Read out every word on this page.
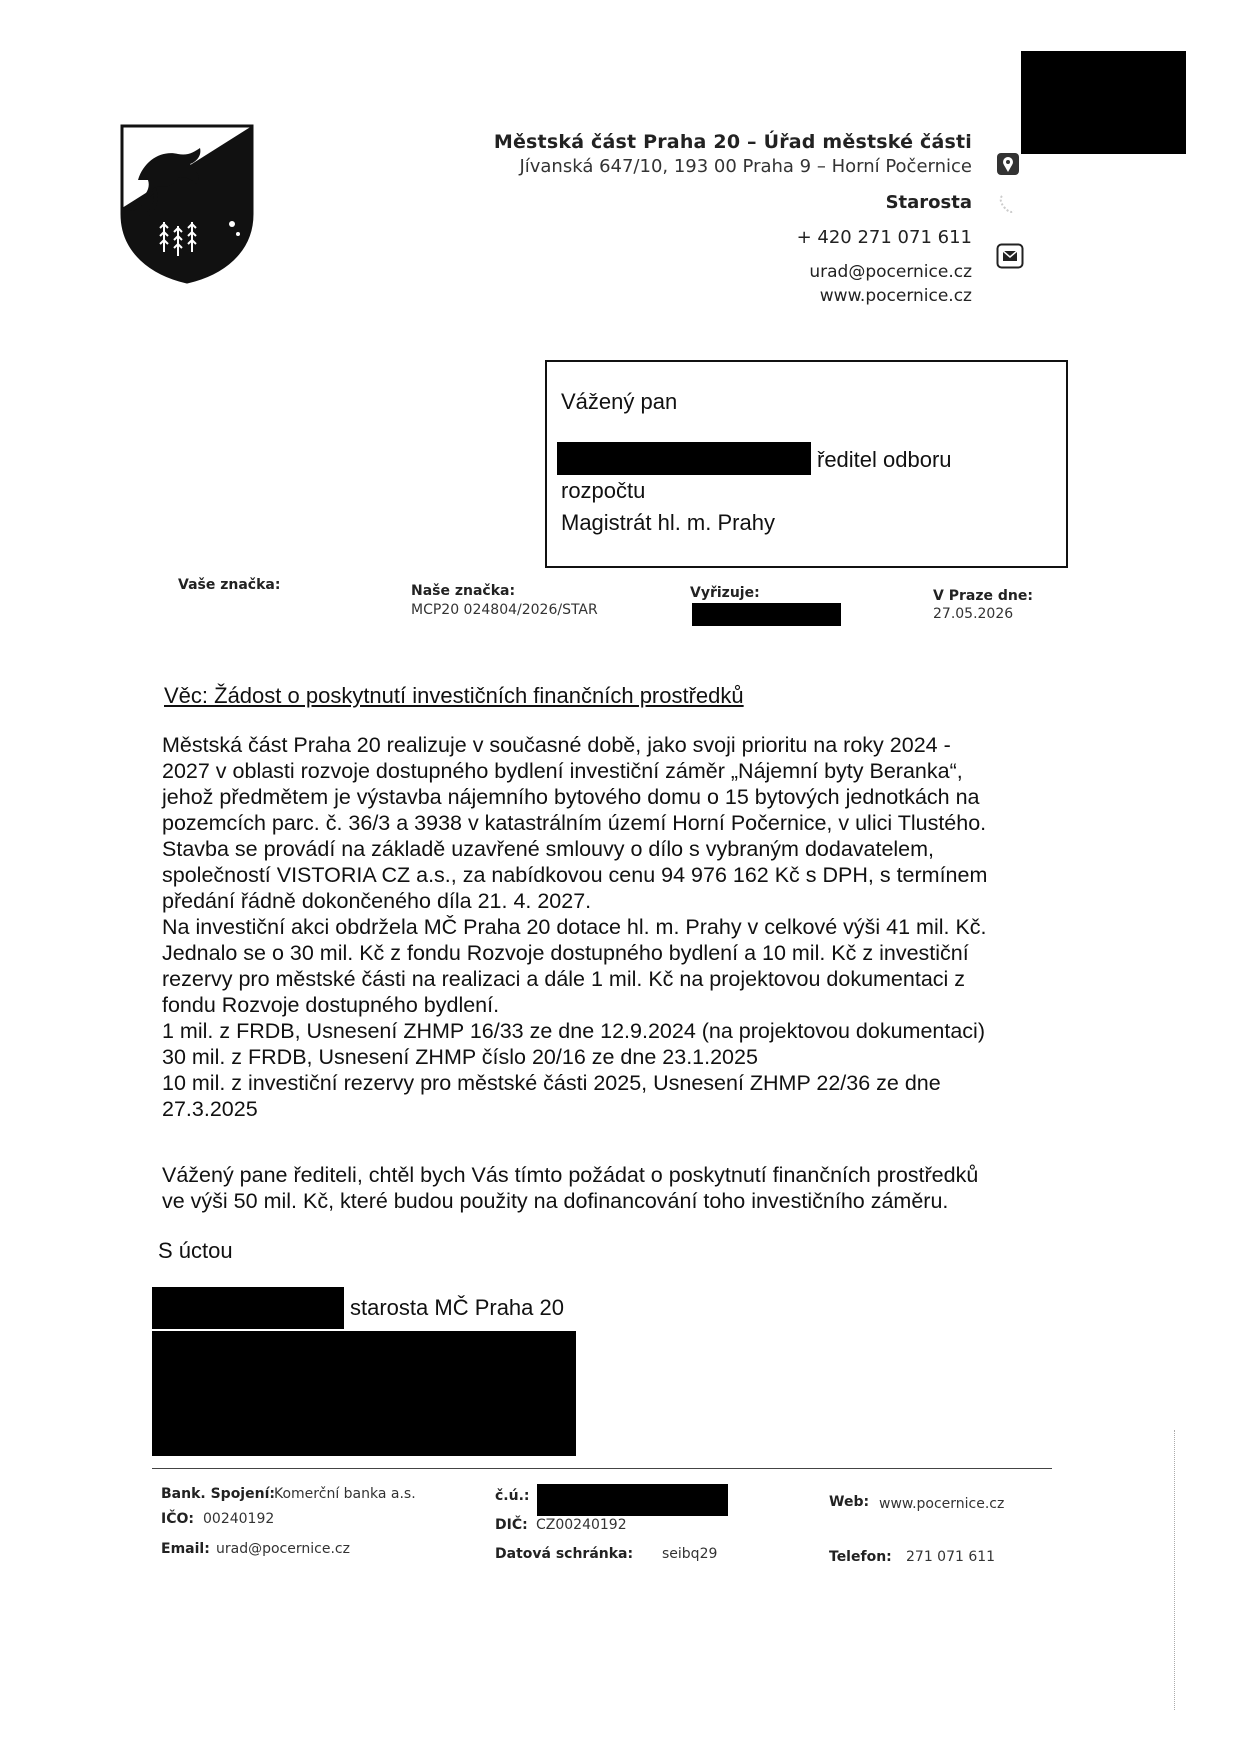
Městská část Praha 20 – Úřad městské části
Jívanská 647/10, 193 00 Praha 9 – Horní Počernice
Starosta
+ 420 271 071 611
urad@pocernice.cz
www.pocernice.cz
Vážený pan
ředitel odboru
rozpočtu
Magistrát hl. m. Prahy
Vaše značka:	Naše značka:
MCP20 024804/2026/STAR
Vyřizuje:	V Praze dne:
27.05.2026
Věc: Žádost o poskytnutí investičních finančních prostředků

Městská část Praha 20 realizuje v současné době, jako svoji prioritu na roky 2024 -

2027 v oblasti rozvoje dostupného bydlení investiční záměr „Nájemní byty Beranka“,

jehož předmětem je výstavba nájemního bytového domu o 15 bytových jednotkách na

pozemcích parc. č. 36/3 a 3938 v katastrálním území Horní Počernice, v ulici Tlustého.

Stavba se provádí na základě uzavřené smlouvy o dílo s vybraným dodavatelem,

společností VISTORIA CZ a.s., za nabídkovou cenu 94 976 162 Kč s DPH, s termínem

předání řádně dokončeného díla 21. 4. 2027.

Na investiční akci obdržela MČ Praha 20 dotace hl. m. Prahy v celkové výši 41 mil. Kč.

Jednalo se o 30 mil. Kč z fondu Rozvoje dostupného bydlení a 10 mil. Kč z investiční

rezervy pro městské části na realizaci a dále 1 mil. Kč na projektovou dokumentaci z

fondu Rozvoje dostupného bydlení.

1 mil. z FRDB, Usnesení ZHMP 16/33 ze dne 12.9.2024 (na projektovou dokumentaci)

30 mil. z FRDB, Usnesení ZHMP číslo 20/16 ze dne 23.1.2025

10 mil. z investiční rezervy pro městské části 2025, Usnesení ZHMP 22/36 ze dne

27.3.2025

Vážený pane řediteli, chtěl bych Vás tímto požádat o poskytnutí finančních prostředků

ve výši 50 mil. Kč, které budou použity na dofinancování toho investičního záměru.

S úctou
starosta MČ Praha 20
Bank. Spojení: Komerční banka a.s.
IČO: 00240192
Email: urad@pocernice.cz
č.ú.:
DIČ: CZ00240192
Datová schránka: seibq29
Web: www.pocernice.cz
Telefon: 271 071 611
